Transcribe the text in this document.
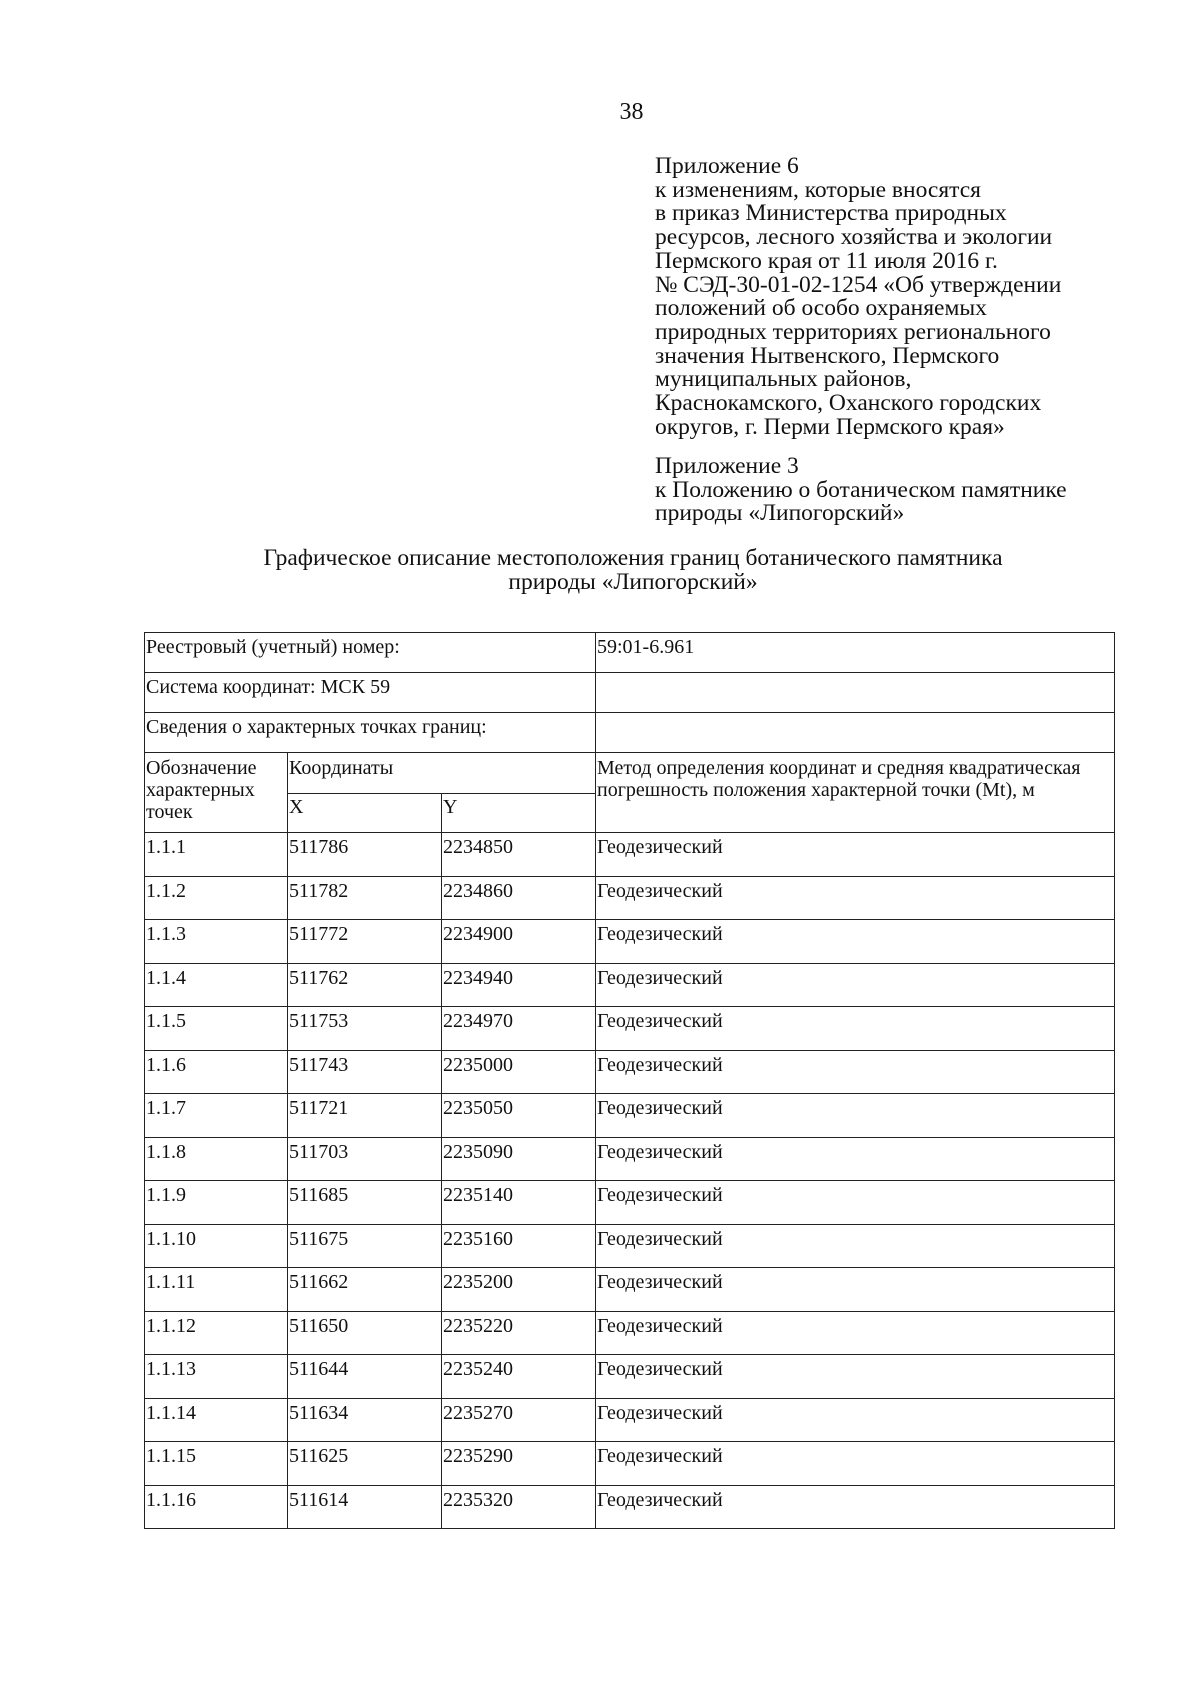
38
Приложение 6
к изменениям, которые вносятся
в приказ Министерства природных
ресурсов, лесного хозяйства и экологии
Пермского края от 11 июля 2016 г.
№ СЭД-30-01-02-1254 «Об утверждении
положений об особо охраняемых
природных территориях регионального
значения Нытвенского, Пермского
муниципальных районов,
Краснокамского, Оханского городских
округов, г. Перми Пермского края»
Приложение 3
к Положению о ботаническом памятнике
природы «Липогорский»
Графическое описание местоположения границ ботанического памятника
природы «Липогорский»
Реестровый (учетный) номер:			59:01-6.961
Система координат: МСК 59			
Сведения о характерных точках границ:			
Обозначение характерных точек	Координаты		Метод определения координат и средняя квадратическая погрешность положения характерной точки (Mt), м
	X	Y	
1.1.1	511786	2234850	Геодезический
1.1.2	511782	2234860	Геодезический
1.1.3	511772	2234900	Геодезический
1.1.4	511762	2234940	Геодезический
1.1.5	511753	2234970	Геодезический
1.1.6	511743	2235000	Геодезический
1.1.7	511721	2235050	Геодезический
1.1.8	511703	2235090	Геодезический
1.1.9	511685	2235140	Геодезический
1.1.10	511675	2235160	Геодезический
1.1.11	511662	2235200	Геодезический
1.1.12	511650	2235220	Геодезический
1.1.13	511644	2235240	Геодезический
1.1.14	511634	2235270	Геодезический
1.1.15	511625	2235290	Геодезический
1.1.16	511614	2235320	Геодезический
